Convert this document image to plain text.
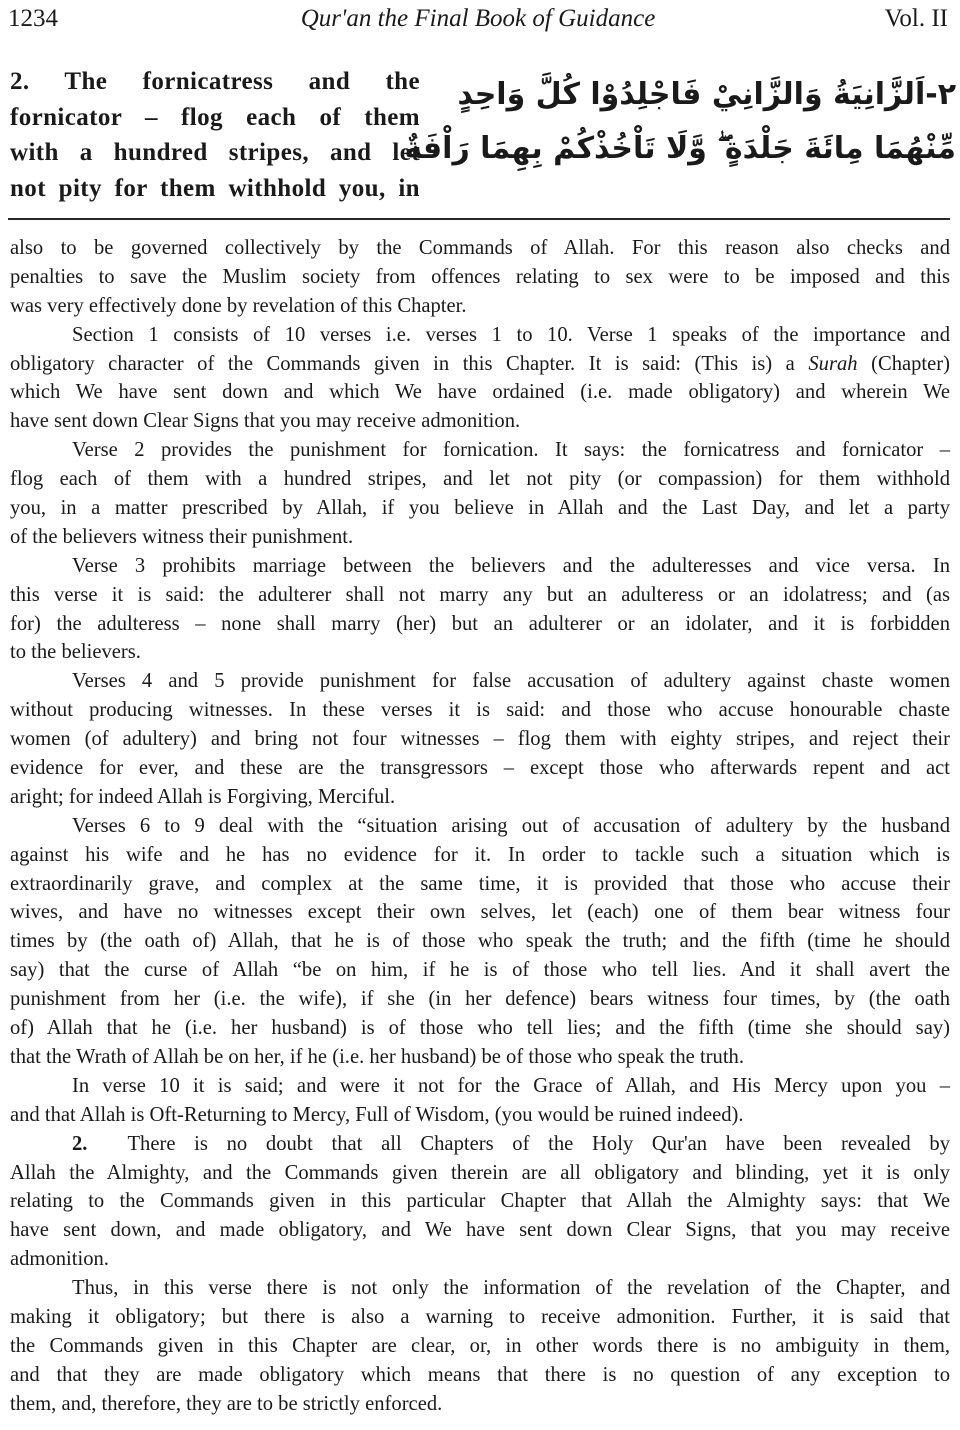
1234	Qur'an the Final Book of Guidance	Vol. II
2. The fornicatress and the
fornicator – flog each of them
with a hundred stripes, and let
not pity for them withhold you, in
٢-اَلزَّانِيَةُ وَالزَّانِيْ فَاجْلِدُوْا كُلَّ وَاحِدٍ
مِّنْهُمَا مِائَةَ جَلْدَةٍ ۖ وَّلَا تَاْخُذْكُمْ بِهِمَا رَاْفَةٌ
also to be governed collectively by the Commands of Allah. For this reason also checks and
penalties to save the Muslim society from offences relating to sex were to be imposed and this
was very effectively done by revelation of this Chapter.
Section 1 consists of 10 verses i.e. verses 1 to 10. Verse 1 speaks of the importance and
obligatory character of the Commands given in this Chapter. It is said: (This is) a Surah (Chapter)
which We have sent down and which We have ordained (i.e. made obligatory) and wherein We
have sent down Clear Signs that you may receive admonition.
Verse 2 provides the punishment for fornication. It says: the fornicatress and fornicator –
flog each of them with a hundred stripes, and let not pity (or compassion) for them withhold
you, in a matter prescribed by Allah, if you believe in Allah and the Last Day, and let a party
of the believers witness their punishment.
Verse 3 prohibits marriage between the believers and the adulteresses and vice versa. In
this verse it is said: the adulterer shall not marry any but an adulteress or an idolatress; and (as
for) the adulteress – none shall marry (her) but an adulterer or an idolater, and it is forbidden
to the believers.
Verses 4 and 5 provide punishment for false accusation of adultery against chaste women
without producing witnesses. In these verses it is said: and those who accuse honourable chaste
women (of adultery) and bring not four witnesses – flog them with eighty stripes, and reject their
evidence for ever, and these are the transgressors – except those who afterwards repent and act
aright; for indeed Allah is Forgiving, Merciful.
Verses 6 to 9 deal with the “situation arising out of accusation of adultery by the husband
against his wife and he has no evidence for it. In order to tackle such a situation which is
extraordinarily grave, and complex at the same time, it is provided that those who accuse their
wives, and have no witnesses except their own selves, let (each) one of them bear witness four
times by (the oath of) Allah, that he is of those who speak the truth; and the fifth (time he should
say) that the curse of Allah “be on him, if he is of those who tell lies. And it shall avert the
punishment from her (i.e. the wife), if she (in her defence) bears witness four times, by (the oath
of) Allah that he (i.e. her husband) is of those who tell lies; and the fifth (time she should say)
that the Wrath of Allah be on her, if he (i.e. her husband) be of those who speak the truth.
In verse 10 it is said; and were it not for the Grace of Allah, and His Mercy upon you –
and that Allah is Oft-Returning to Mercy, Full of Wisdom, (you would be ruined indeed).
2. There is no doubt that all Chapters of the Holy Qur'an have been revealed by
Allah the Almighty, and the Commands given therein are all obligatory and blinding, yet it is only
relating to the Commands given in this particular Chapter that Allah the Almighty says: that We
have sent down, and made obligatory, and We have sent down Clear Signs, that you may receive
admonition.
Thus, in this verse there is not only the information of the revelation of the Chapter, and
making it obligatory; but there is also a warning to receive admonition. Further, it is said that
the Commands given in this Chapter are clear, or, in other words there is no ambiguity in them,
and that they are made obligatory which means that there is no question of any exception to
them, and, therefore, they are to be strictly enforced.
